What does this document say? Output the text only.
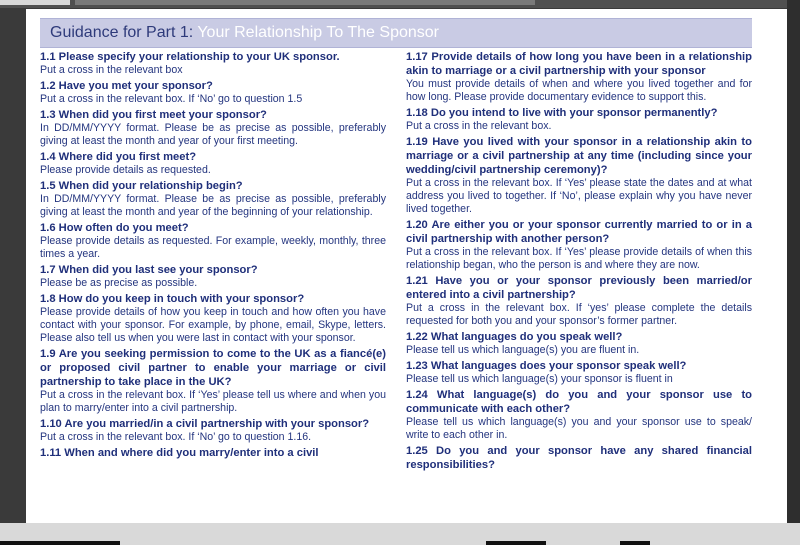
Guidance for Part 1: Your Relationship To The Sponsor
1.1 Please specify your relationship to your UK sponsor.
Put a cross in the relevant box
1.2 Have you met your sponsor?
Put a cross in the relevant box. If ‘No’ go to question 1.5
1.3 When did you first meet your sponsor?
In DD/MM/YYYY format. Please be as precise as possible, preferably giving at least the month and year of your first meeting.
1.4 Where did you first meet?
Please provide details as requested.
1.5 When did your relationship begin?
In DD/MM/YYYY format. Please be as precise as possible, preferably giving at least the month and year of the beginning of your relationship.
1.6 How often do you meet?
Please provide details as requested. For example, weekly, monthly, three times a year.
1.7 When did you last see your sponsor?
Please be as precise as possible.
1.8 How do you keep in touch with your sponsor?
Please provide details of how you keep in touch and how often you have contact with your sponsor. For example, by phone, email, Skype, letters. Please also tell us when you were last in contact with your sponsor.
1.9 Are you seeking permission to come to the UK as a fiancé(e) or proposed civil partner to enable your marriage or civil partnership to take place in the UK?
Put a cross in the relevant box. If ‘Yes’ please tell us where and when you plan to marry/enter into a civil partnership.
1.10 Are you married/in a civil partnership with your sponsor?
Put a cross in the relevant box. If ‘No’ go to question 1.16.
1.11 When and where did you marry/enter into a civil
1.17 Provide details of how long you have been in a relationship akin to marriage or a civil partnership with your sponsor
You must provide details of when and where you lived together and for how long. Please provide documentary evidence to support this.
1.18 Do you intend to live with your sponsor permanently?
Put a cross in the relevant box.
1.19 Have you lived with your sponsor in a relationship akin to marriage or a civil partnership at any time (including since your wedding/civil partnership ceremony)?
Put a cross in the relevant box. If ‘Yes’ please state the dates and at what address you lived to together. If ‘No’, please explain why you have never lived together.
1.20 Are either you or your sponsor currently married to or in a civil partnership with another person?
Put a cross in the relevant box. If ‘Yes’ please provide details of when this relationship began, who the person is and where they are now.
1.21 Have you or your sponsor previously been married/or entered into a civil partnership?
Put a cross in the relevant box. If ‘yes’ please complete the details requested for both you and your sponsor’s former partner.
1.22 What languages do you speak well?
Please tell us which language(s) you are fluent in.
1.23 What languages does your sponsor speak well?
Please tell us which language(s) your sponsor is fluent in
1.24 What language(s) do you and your sponsor use to communicate with each other?
Please tell us which language(s) you and your sponsor use to speak/ write to each other in.
1.25 Do you and your sponsor have any shared financial responsibilities?
